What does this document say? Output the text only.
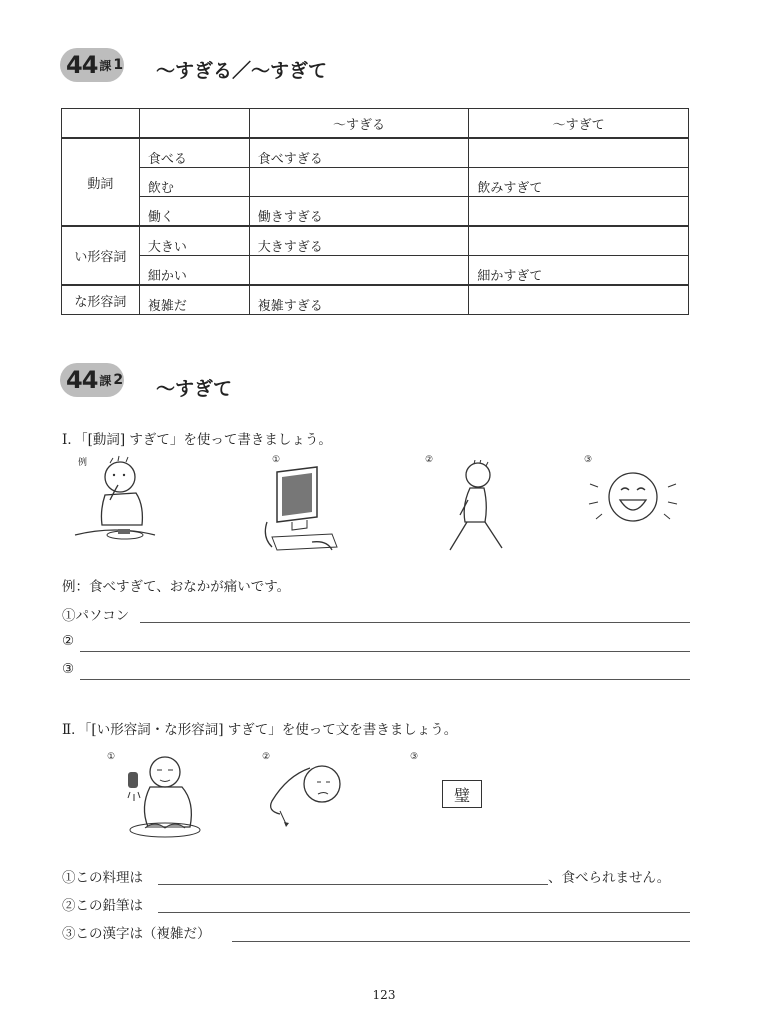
44 課 1 ～すぎる／～すぎて
		～すぎる	～すぎて
動詞	食べる	食べすぎる	
	飲む		飲みすぎて
	働く	働きすぎる	
い形容詞	大きい	大きすぎる	
	細かい		細かすぎて
な形容詞	複雑だ	複雑すぎる	
44 課 2 ～すぎて
Ⅰ．「[動詞] すぎて」を使って書きましょう。
例	①	②	③
例：食べすぎて、おなかが痛いです。
①パソコン
②
③
Ⅱ．「[い形容詞・な形容詞] すぎて」を使って文を書きましょう。
①	②	③
璧
①この料理は	、食べられません。
②この鉛筆は
③この漢字は（複雑だ）
123
